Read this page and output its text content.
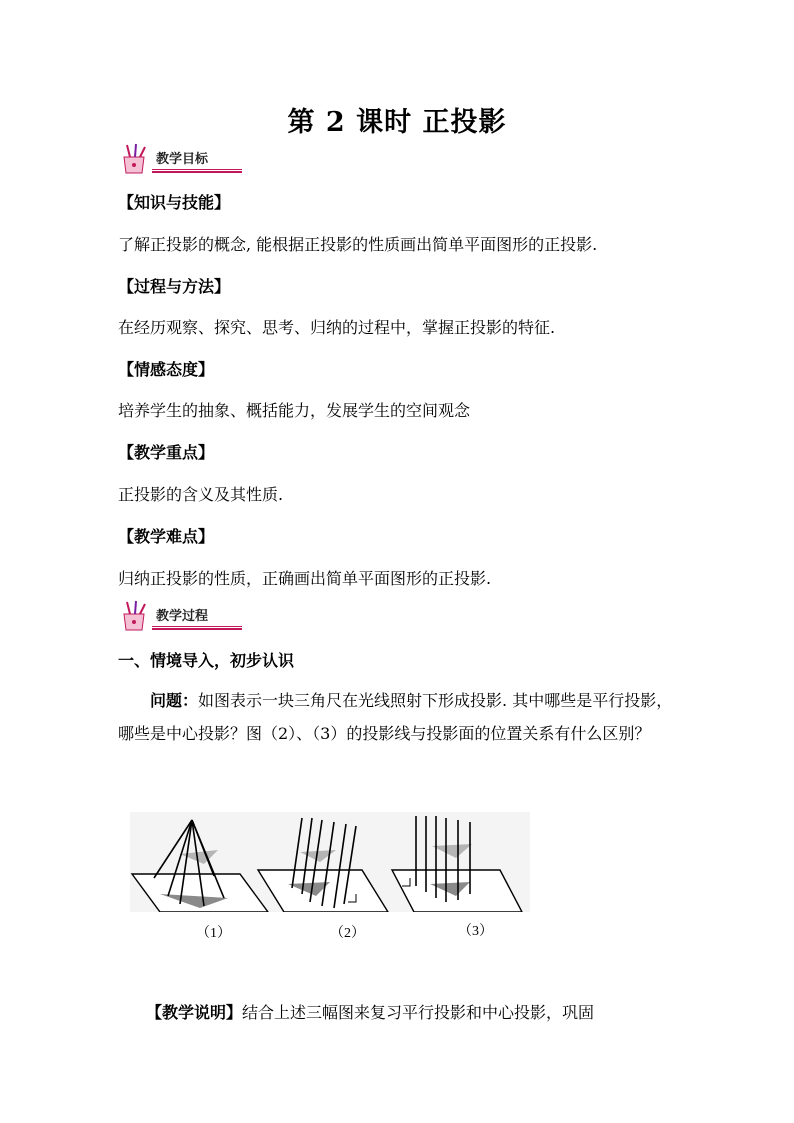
第 2 课时 正投影
教学目标
【知识与技能】
了解正投影的概念, 能根据正投影的性质画出简单平面图形的正投影.
【过程与方法】
在经历观察、探究、思考、归纳的过程中，掌握正投影的特征.
【情感态度】
培养学生的抽象、概括能力，发展学生的空间观念
【教学重点】
正投影的含义及其性质.
【教学难点】
归纳正投影的性质，正确画出简单平面图形的正投影.
教学过程
一、情境导入，初步认识
问题：如图表示一块三角尺在光线照射下形成投影. 其中哪些是平行投影，哪些是中心投影？图（2）、（3）的投影线与投影面的位置关系有什么区别？
（1）	（2）	（3）
【教学说明】结合上述三幅图来复习平行投影和中心投影，巩固
